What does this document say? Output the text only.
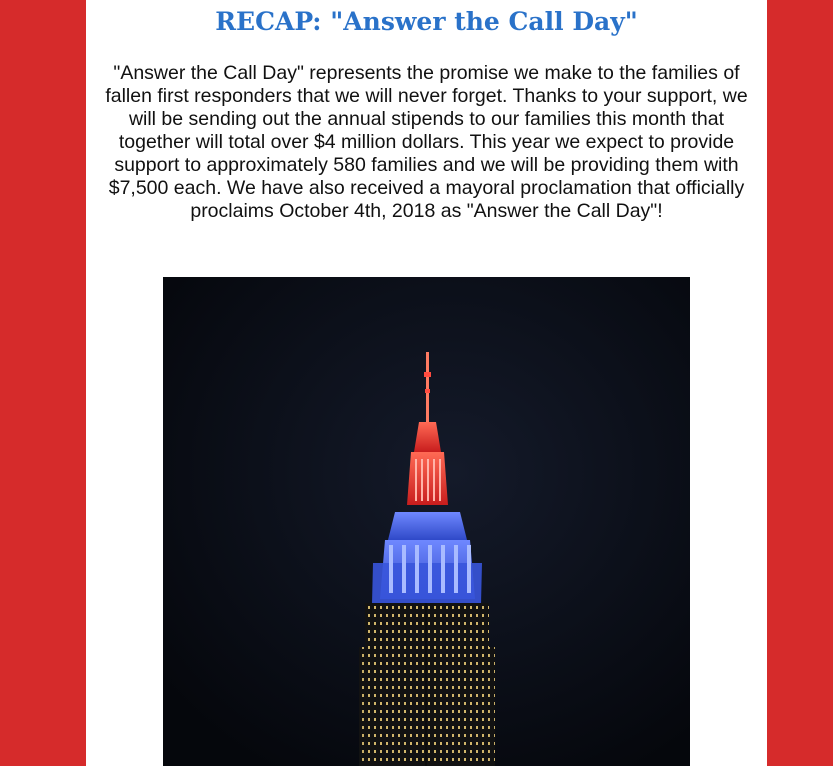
RECAP: "Answer the Call Day"

"Answer the Call Day" represents the promise we make to the families of fallen first responders that we will never forget. Thanks to your support, we will be sending out the annual stipends to our families this month that together will total over $4 million dollars. This year we expect to provide support to approximately 580 families and we will be providing them with $7,500 each. We have also received a mayoral proclamation that officially proclaims October 4th, 2018 as "Answer the Call Day"!
